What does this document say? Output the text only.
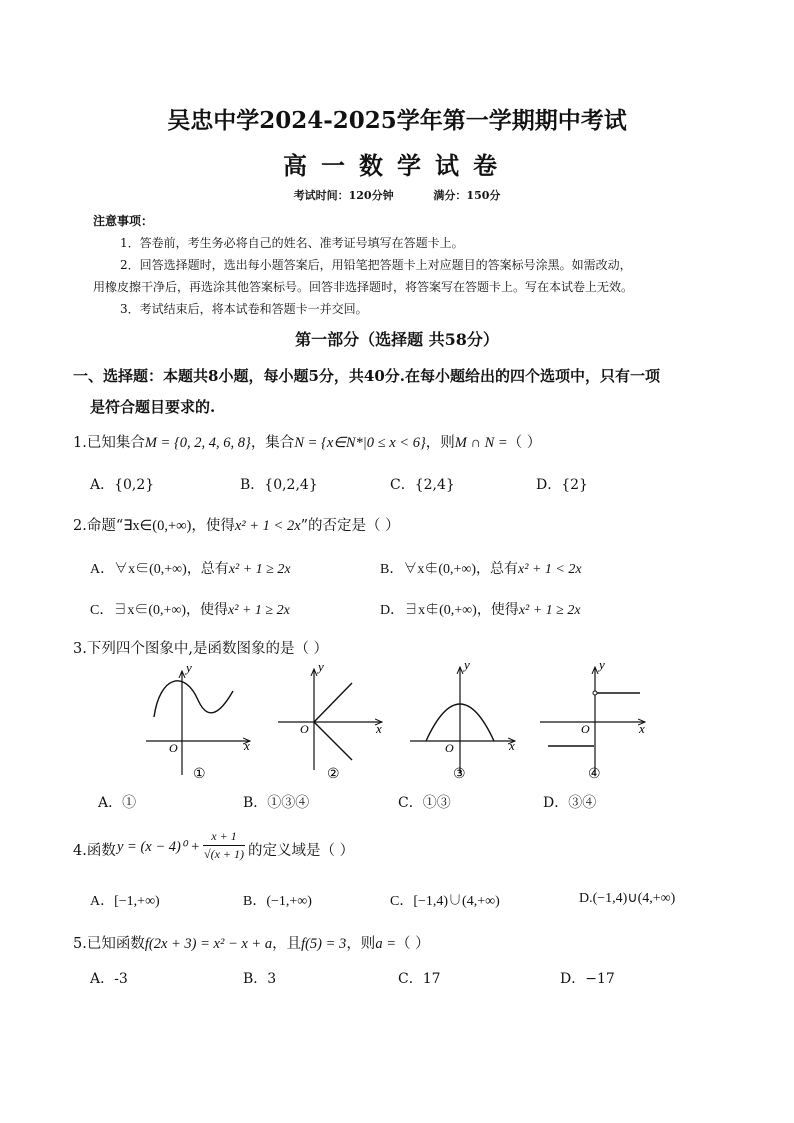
吴忠中学2024-2025学年第一学期期中考试
高一数学试卷
考试时间：120分钟	满分：150分
注意事项：
1．答卷前，考生务必将自己的姓名、准考证号填写在答题卡上。
2．回答选择题时，选出每小题答案后，用铅笔把答题卡上对应题目的答案标号涂黑。如需改动，
用橡皮擦干净后，再选涂其他答案标号。回答非选择题时，将答案写在答题卡上。写在本试卷上无效。
3．考试结束后，将本试卷和答题卡一并交回。
第一部分（选择题 共58分）
一、选择题：本题共8小题，每小题5分，共40分.在每小题给出的四个选项中，只有一项
是符合题目要求的.
1.已知集合M = {0, 2, 4, 6, 8}，集合N = {x∈N*|0 ≤ x < 6}，则M ∩ N =（ ）
A．{0,2}	B．{0,2,4}	C．{2,4}	D．{2}
2.命题“∃x∈(0,+∞)，使得x² + 1 < 2x”的否定是（ ）
A．∀x∈(0,+∞)，总有x² + 1 ≥ 2x	B．∀x∉(0,+∞)，总有x² + 1 < 2x
C．∃x∈(0,+∞)，使得x² + 1 ≥ 2x	D．∃x∉(0,+∞)，使得x² + 1 ≥ 2x
3.下列四个图象中,是函数图象的是（ ）
y
x
O
y
x
O
y
x
O
y
x
O
①	②	③	④
A．①	B．①③④	C．①③	D．③④
4.函数 $y = (x - 4)^0 + \frac{x + 1}{√(x + 1)}$ 的定义域是（ ）
A．[−1,+∞)	B．(−1,+∞)	C．[−1,4)∪(4,+∞)	D.(−1,4)∪(4,+∞)
5.已知函数f(2x + 3) = x² − x + a，且f(5) = 3，则a =（ ）
A．-3	B．3	C．17	D．−17
